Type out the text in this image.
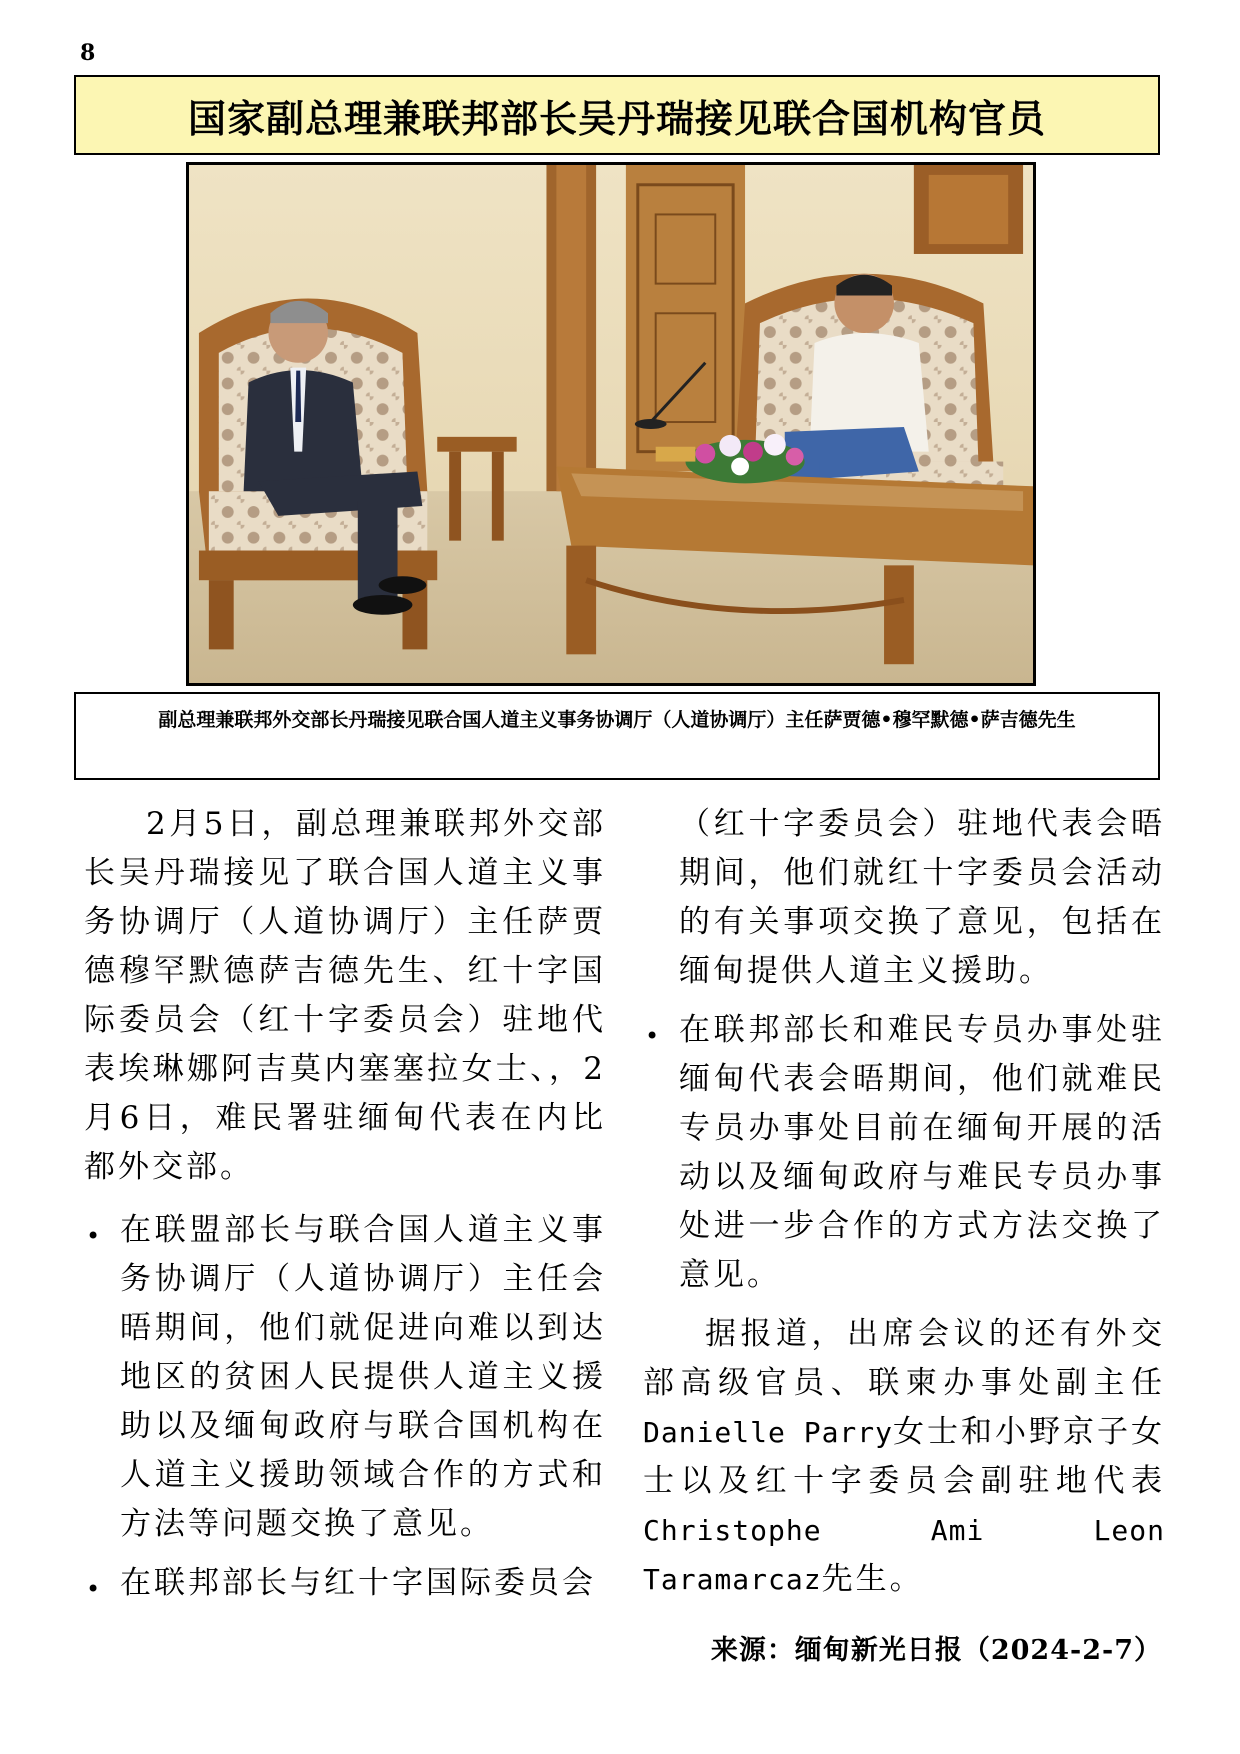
8
国家副总理兼联邦部长吴丹瑞接见联合国机构官员
副总理兼联邦外交部长丹瑞接见联合国人道主义事务协调厅（人道协调厅）主任萨贾德•穆罕默德•萨吉德先生

2月5日，副总理兼联邦外交部长吴丹瑞接见了联合国人道主义事务协调厅（人道协调厅）主任萨贾德穆罕默德萨吉德先生、红十字国际委员会（红十字委员会）驻地代表埃琳娜阿吉莫内塞塞拉女士、，2月6日，难民署驻缅甸代表在内比都外交部。

• 在联盟部长与联合国人道主义事务协调厅（人道协调厅）主任会晤期间，他们就促进向难以到达地区的贫困人民提供人道主义援助以及缅甸政府与联合国机构在人道主义援助领域合作的方式和方法等问题交换了意见。
• 在联邦部长与红十字国际委员会

（红十字委员会）驻地代表会晤期间，他们就红十字委员会活动的有关事项交换了意见，包括在缅甸提供人道主义援助。

• 在联邦部长和难民专员办事处驻缅甸代表会晤期间，他们就难民专员办事处目前在缅甸开展的活动以及缅甸政府与难民专员办事处进一步合作的方式方法交换了意见。

据报道，出席会议的还有外交部高级官员、联柬办事处副主任Danielle Parry女士和小野京子女士以及红十字委员会副驻地代表Christophe Ami Leon Taramarcaz先生。

来源：缅甸新光日报（2024-2-7）
